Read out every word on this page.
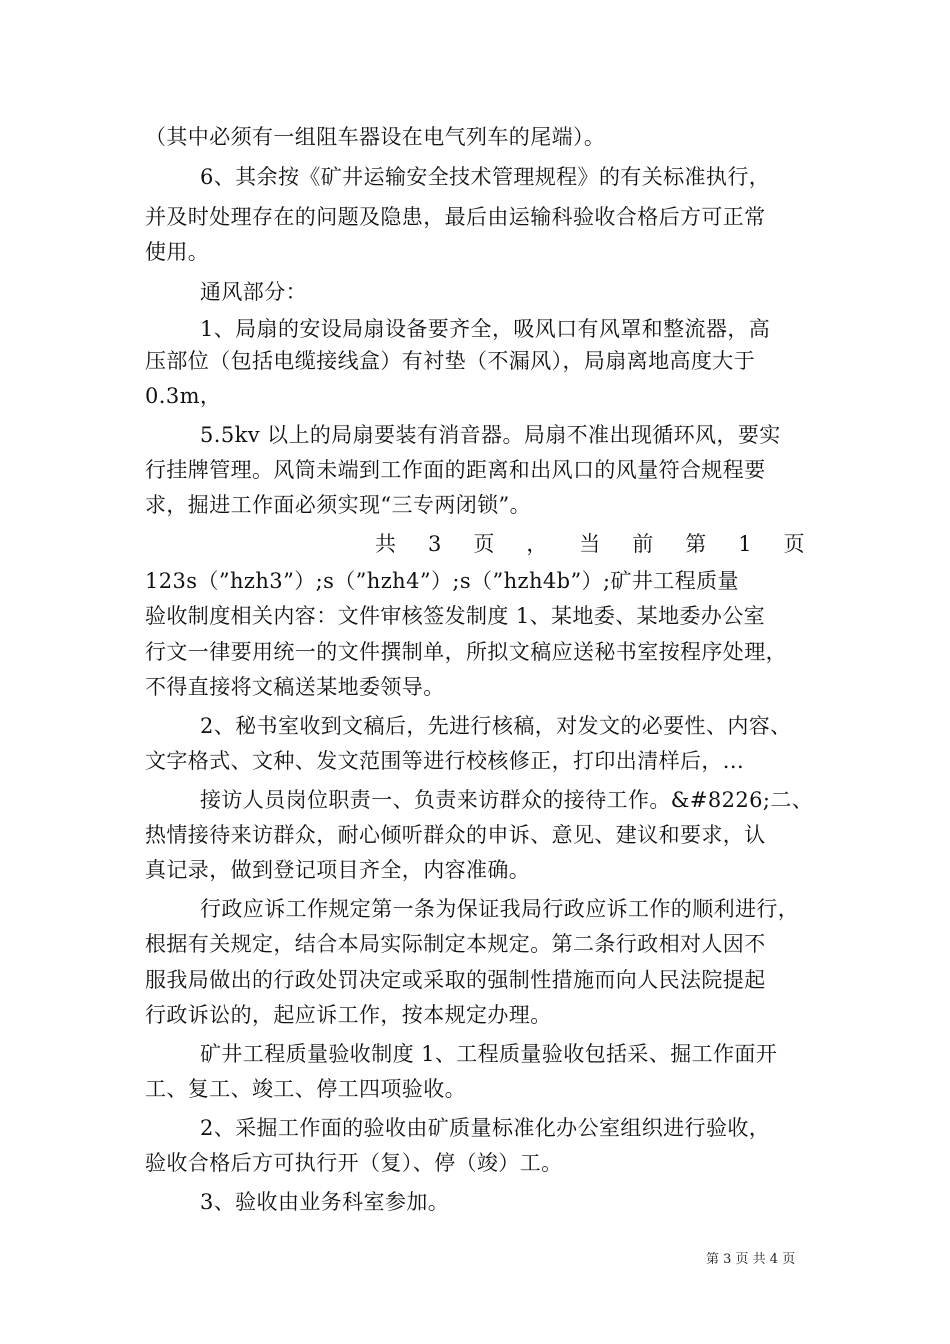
（其中必须有一组阻车器设在电气列车的尾端）。
6、其余按《矿井运输安全技术管理规程》的有关标准执行，
并及时处理存在的问题及隐患，最后由运输科验收合格后方可正常
使用。
通风部分：
1、局扇的安设局扇设备要齐全，吸风口有风罩和整流器，高
压部位（包括电缆接线盒）有衬垫（不漏风），局扇离地高度大于
0.3m，
5.5kv 以上的局扇要装有消音器。局扇不准出现循环风，要实
行挂牌管理。风筒未端到工作面的距离和出风口的风量符合规程要
求，掘进工作面必须实现“三专两闭锁”。
共 3 页 ， 当 前 第 1 页
123s（”hzh3”）;s（”hzh4”）;s（”hzh4b”）;矿井工程质量
验收制度相关内容：文件审核签发制度 1、某地委、某地委办公室
行文一律要用统一的文件撰制单，所拟文稿应送秘书室按程序处理，
不得直接将文稿送某地委领导。
2、秘书室收到文稿后，先进行核稿，对发文的必要性、内容、
文字格式、文种、发文范围等进行校核修正，打印出清样后，...
接访人员岗位职责一、负责来访群众的接待工作。&#8226;二、
热情接待来访群众，耐心倾听群众的申诉、意见、建议和要求，认
真记录，做到登记项目齐全，内容准确。
行政应诉工作规定第一条为保证我局行政应诉工作的顺利进行，
根据有关规定，结合本局实际制定本规定。第二条行政相对人因不
服我局做出的行政处罚决定或采取的强制性措施而向人民法院提起
行政诉讼的，起应诉工作，按本规定办理。
矿井工程质量验收制度 1、工程质量验收包括采、掘工作面开
工、复工、竣工、停工四项验收。
2、采掘工作面的验收由矿质量标准化办公室组织进行验收，
验收合格后方可执行开（复）、停（竣）工。
3、验收由业务科室参加。
第 3 页 共 4 页
